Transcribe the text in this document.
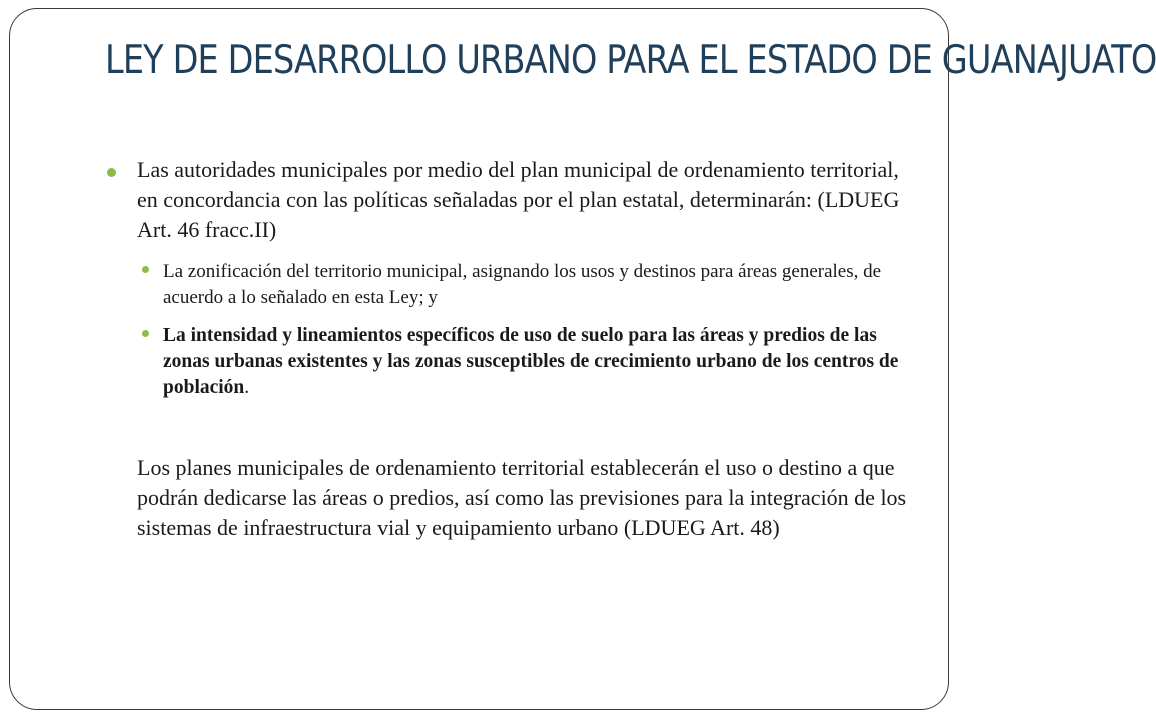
LEY DE DESARROLLO URBANO PARA EL ESTADO DE GUANAJUATO

Las autoridades municipales por medio del plan municipal de ordenamiento territorial, en concordancia con las políticas señaladas por el plan estatal, determinarán: (LDUEG Art. 46 fracc.II)

La zonificación del territorio municipal, asignando los usos y destinos para áreas generales, de acuerdo a lo señalado en esta Ley; y

La intensidad y lineamientos específicos de uso de suelo para las áreas y predios de las zonas urbanas existentes y las zonas susceptibles de crecimiento urbano de los centros de población.

Los planes municipales de ordenamiento territorial establecerán el uso o destino a que podrán dedicarse las áreas o predios, así como las previsiones para la integración de los sistemas de infraestructura vial y equipamiento urbano (LDUEG Art. 48)
